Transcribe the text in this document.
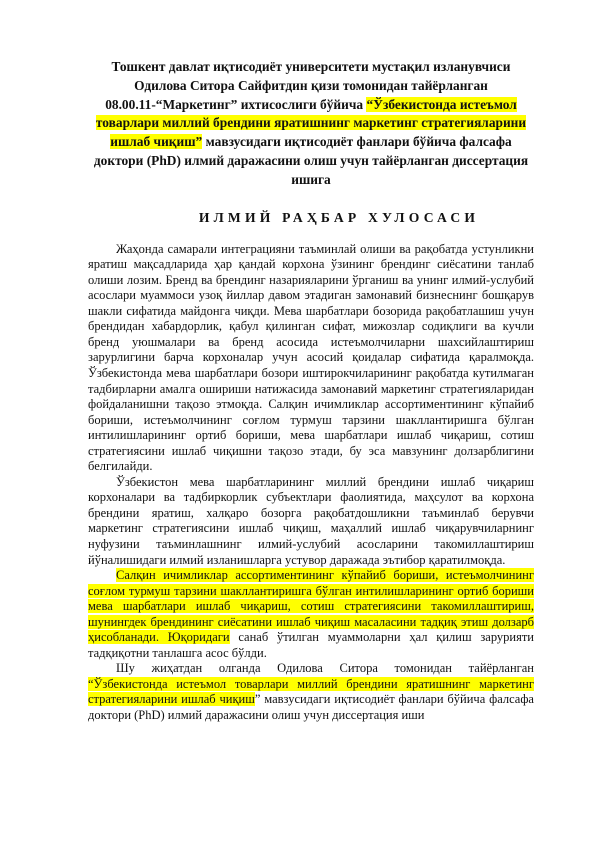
Тошкент давлат иқтисодиёт университети мустақил изланувчиси Одилова Ситора Сайфитдин қизи томонидан тайёрланган 08.00.11-“Маркетинг” ихтисослиги бўйича “Ўзбекистонда истеъмол товарлари миллий брендини яратишнинг маркетинг стратегияларини ишлаб чиқиш” мавзусидаги иқтисодиёт фанлари бўйича фалсафа доктори (PhD) илмий даражасини олиш учун тайёрланган диссертация ишига
ИЛМИЙ РАҲБАР ХУЛОСАСИ

Жаҳонда самарали интеграцияни таъминлай олиши ва рақобатда устунликни яратиш мақсадларида ҳар қандай корхона ўзининг брендинг сиёсатини танлаб олиши лозим. Бренд ва брендинг назарияларини ўрганиш ва унинг илмий-услубий асослари муаммоси узоқ йиллар давом этадиган замонавий бизнеснинг бошқарув шакли сифатида майдонга чиқди. Мева шарбатлари бозорида рақобатлашиш учун брендидан хабардорлик, қабул қилинган сифат, мижозлар содиқлиги ва кучли бренд уюшмалари ва бренд асосида истеъмолчиларни шахсийлаштириш зарурлигини барча корхоналар учун асосий қоидалар сифатида қаралмоқда. Ўзбекистонда мева шарбатлари бозори иштирокчиларининг рақобатда кутилмаган тадбирларни амалга ошириши натижасида замонавий маркетинг стратегияларидан фойдаланишни тақозо этмоқда. Салқин ичимликлар ассортиментининг кўпайиб бориши, истеъмолчининг соғлом турмуш тарзини шакллантиришга бўлган интилишларининг ортиб бориши, мева шарбатлари ишлаб чиқариш, сотиш стратегиясини ишлаб чиқишни тақозо этади, бу эса мавзунинг долзарблигини белгилайди.

Ўзбекистон мева шарбатларининг миллий брендини ишлаб чиқариш корхоналари ва тадбиркорлик субъектлари фаолиятида, маҳсулот ва корхона брендини яратиш, халқаро бозорга рақобатдошликни таъминлаб берувчи маркетинг стратегиясини ишлаб чиқиш, маҳаллий ишлаб чиқарувчиларнинг нуфузини таъминлашнинг илмий-услубий асосларини такомиллаштириш йўналишидаги илмий изланишларга устувор даражада эътибор қаратилмоқда.

Салқин ичимликлар ассортиментининг кўпайиб бориши, истеъмолчининг соғлом турмуш тарзини шакллантиришга бўлган интилишларининг ортиб бориши мева шарбатлари ишлаб чиқариш, сотиш стратегиясини такомиллаштириш, шунингдек брендининг сиёсатини ишлаб чиқиш масаласини тадқиқ этиш долзарб ҳисобланади. Юқоридаги санаб ўтилган муаммоларни ҳал қилиш зарурияти тадқиқотни танлашга асос бўлди.

Шу жиҳатдан олганда Одилова Ситора томонидан тайёрланган “Ўзбекистонда истеъмол товарлари миллий брендини яратишнинг маркетинг стратегияларини ишлаб чиқиш” мавзусидаги иқтисодиёт фанлари бўйича фалсафа доктори (PhD) илмий даражасини олиш учун диссертация иши
